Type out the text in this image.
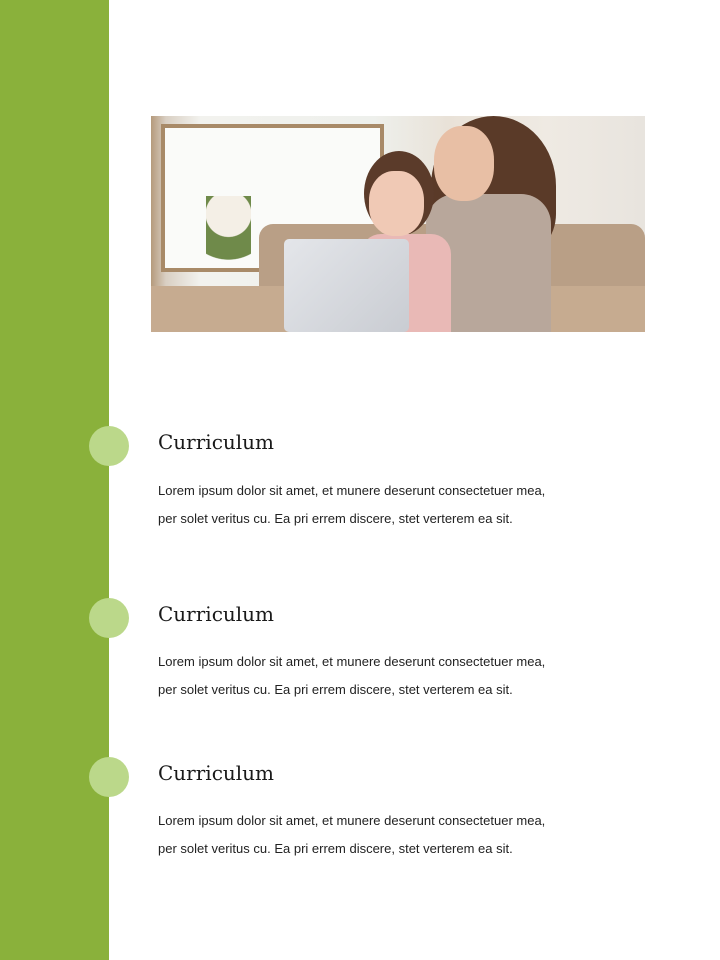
Curriculum

Lorem ipsum dolor sit amet, et munere deserunt consectetuer mea,
per solet veritus cu. Ea pri errem discere, stet verterem ea sit.

Curriculum

Lorem ipsum dolor sit amet, et munere deserunt consectetuer mea,
per solet veritus cu. Ea pri errem discere, stet verterem ea sit.

Curriculum

Lorem ipsum dolor sit amet, et munere deserunt consectetuer mea,
per solet veritus cu. Ea pri errem discere, stet verterem ea sit.
